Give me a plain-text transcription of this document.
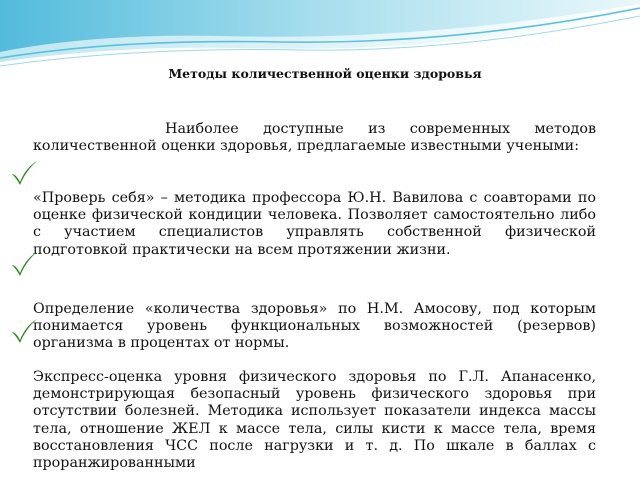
Методы количественной оценки здоровья
Наиболее доступные из современных методов количественной оценки здоровья, предлагаемые известными учеными:
«Проверь себя» – методика профессора Ю.Н. Вавилова с соавторами по оценке физической кондиции человека. Позволяет самостоятельно либо с участием специалистов управлять собственной физической подготовкой практически на всем протяжении жизни.
Определение «количества здоровья» по Н.М. Амосову, под которым понимается уровень функциональных возможностей (резервов) организма в процентах от нормы.
Экспресс-оценка уровня физического здоровья по Г.Л. Апанасенко, демонстрирующая безопасный уровень физического здоровья при отсутствии болезней. Методика использует показатели индекса массы тела, отношение ЖЕЛ к массе тела, силы кисти к массе тела, время восстановления ЧСС после нагрузки и т. д. По шкале в баллах с проранжированными
